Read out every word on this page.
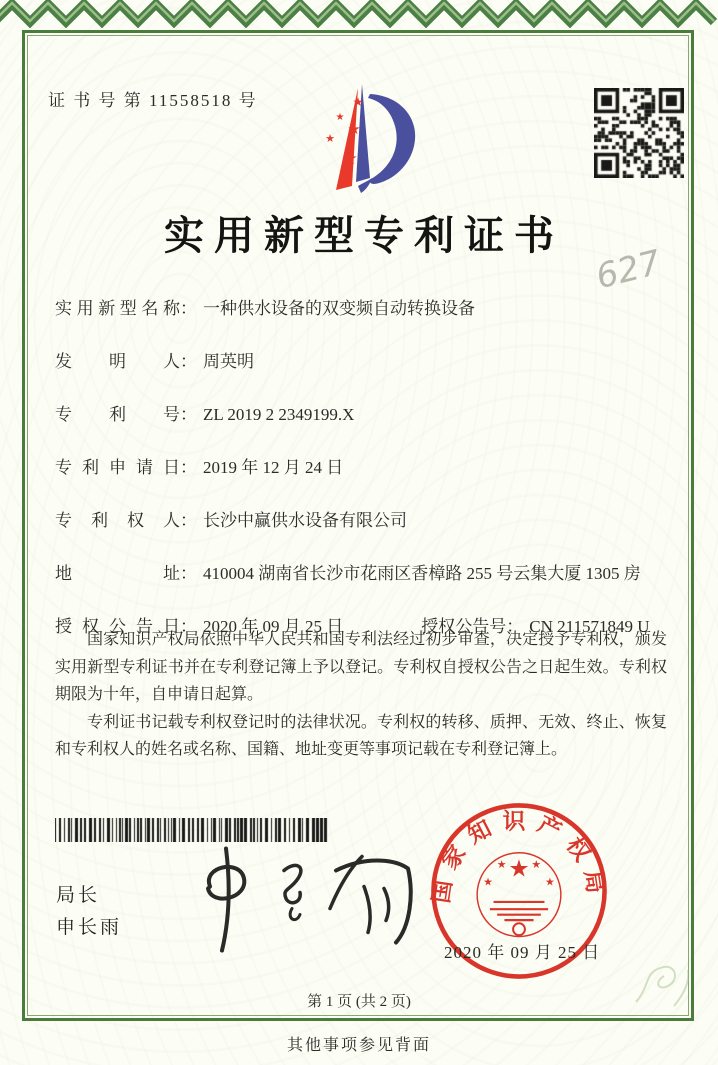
证 书 号 第 11558518 号	★
★
★
★
★
实用新型专利证书
627
实用新型名称： 一种供水设备的双变频自动转换设备
发明人： 周英明
专利号： ZL 2019 2 2349199.X
专利申请日： 2019 年 12 月 24 日
专利权人： 长沙中赢供水设备有限公司
地址： 410004 湖南省长沙市花雨区香樟路 255 号云集大厦 1305 房
授权公告日： 2020 年 09 月 25 日	授权公告号： CN 211571849 U

国家知识产权局依照中华人民共和国专利法经过初步审查，决定授予专利权，颁发实用新型专利证书并在专利登记簿上予以登记。专利权自授权公告之日起生效。专利权期限为十年，自申请日起算。

专利证书记载专利权登记时的法律状况。专利权的转移、质押、无效、终止、恢复和专利权人的姓名或名称、国籍、地址变更等事项记载在专利登记簿上。

局长
申长雨
国家知识产权局
★
★
★ ★
★
2020 年 09 月 25 日
第 1 页 (共 2 页)
其他事项参见背面
